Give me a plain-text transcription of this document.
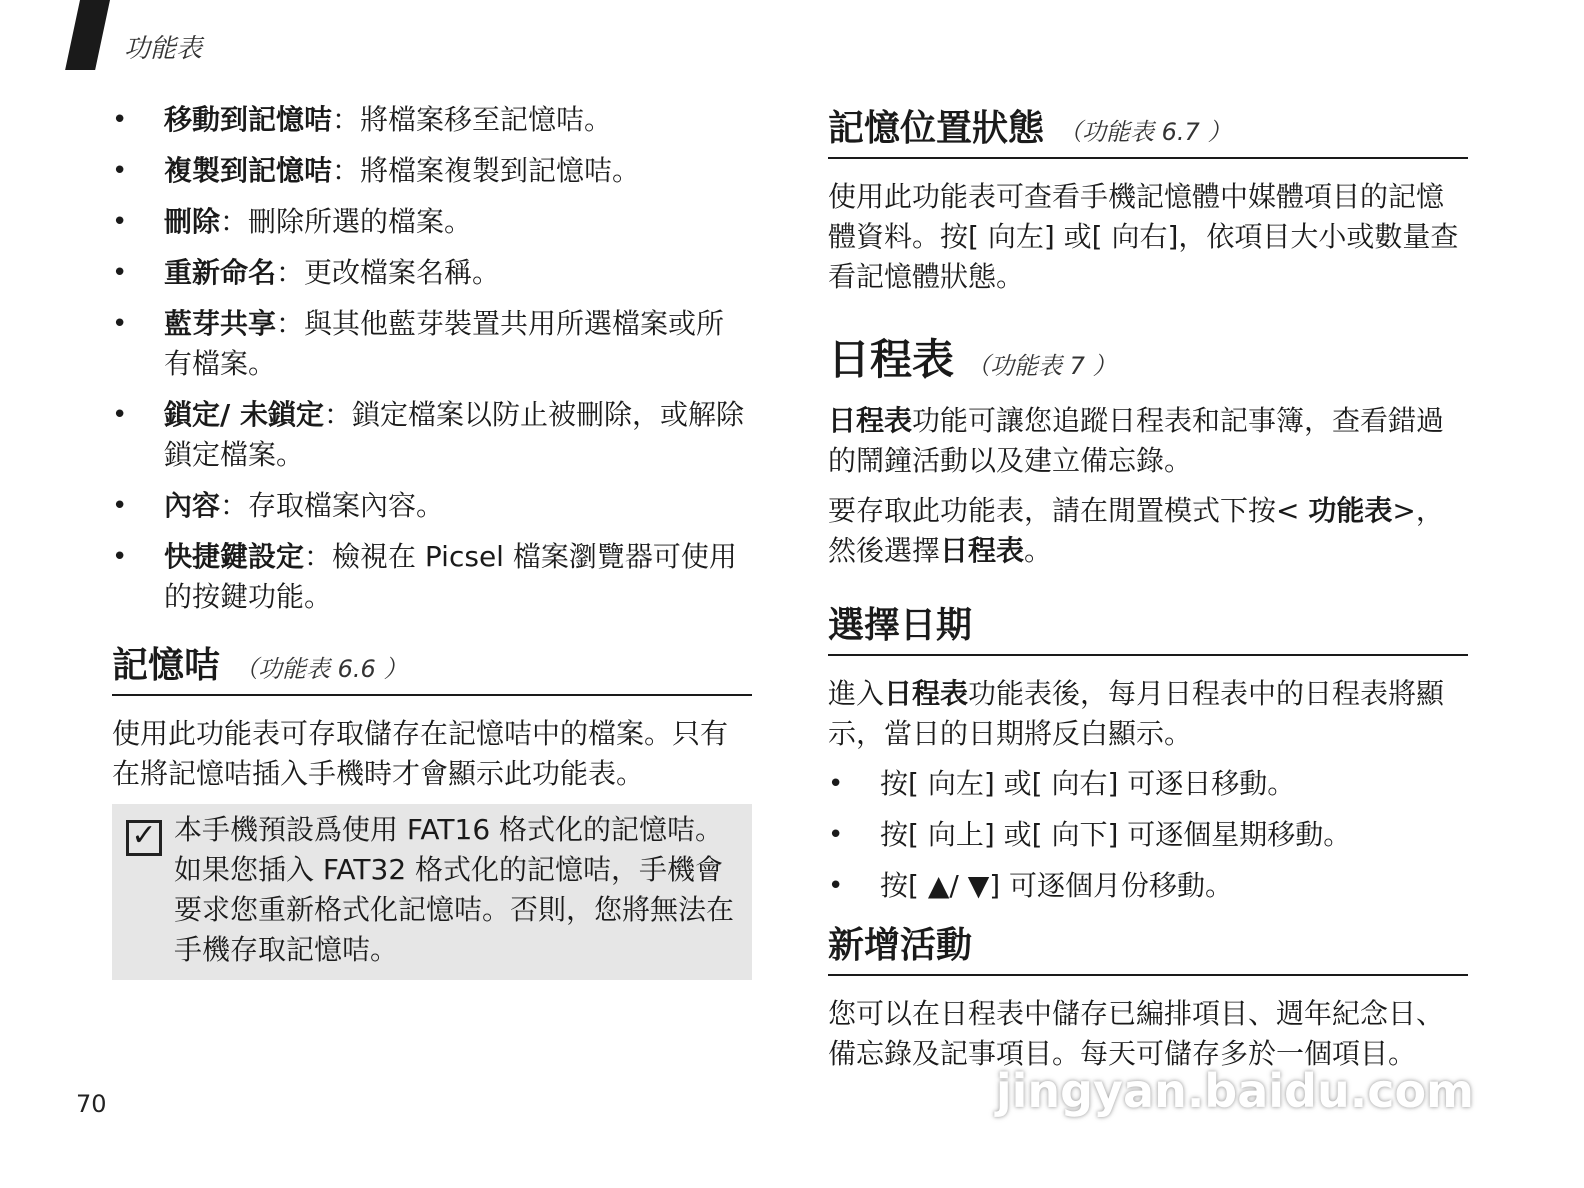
功能表
• 移動到記憶咭：將檔案移至記憶咭。
• 複製到記憶咭：將檔案複製到記憶咭。
• 刪除：刪除所選的檔案。
• 重新命名：更改檔案名稱。
• 藍芽共享：與其他藍芽裝置共用所選檔案或所有檔案。
• 鎖定/ 未鎖定：鎖定檔案以防止被刪除，或解除鎖定檔案。
• 內容：存取檔案內容。
• 快捷鍵設定：檢視在 Picsel 檔案瀏覽器可使用的按鍵功能。
記憶咭 （功能表 6.6 ）

使用此功能表可存取儲存在記憶咭中的檔案。只有在將記憶咭插入手機時才會顯示此功能表。

✓ 本手機預設爲使用 FAT16 格式化的記憶咭。如果您插入 FAT32 格式化的記憶咭，手機會要求您重新格式化記憶咭。否則，您將無法在手機存取記憶咭。
記憶位置狀態 （功能表 6.7 ）

使用此功能表可查看手機記憶體中媒體項目的記憶體資料。按[ 向左] 或[ 向右]，依項目大小或數量查看記憶體狀態。

日程表 （功能表 7 ）

日程表功能可讓您追蹤日程表和記事簿，查看錯過的鬧鐘活動以及建立備忘錄。

要存取此功能表，請在閒置模式下按< 功能表>，然後選擇日程表。

選擇日期

進入日程表功能表後，每月日程表中的日程表將顯示，當日的日期將反白顯示。

• 按[ 向左] 或[ 向右] 可逐日移動。
• 按[ 向上] 或[ 向下] 可逐個星期移動。
• 按[ ▲/ ▼] 可逐個月份移動。
新增活動

您可以在日程表中儲存已編排項目、週年紀念日、備忘錄及記事項目。每天可儲存多於一個項目。

70	jingyan.baidu.com
